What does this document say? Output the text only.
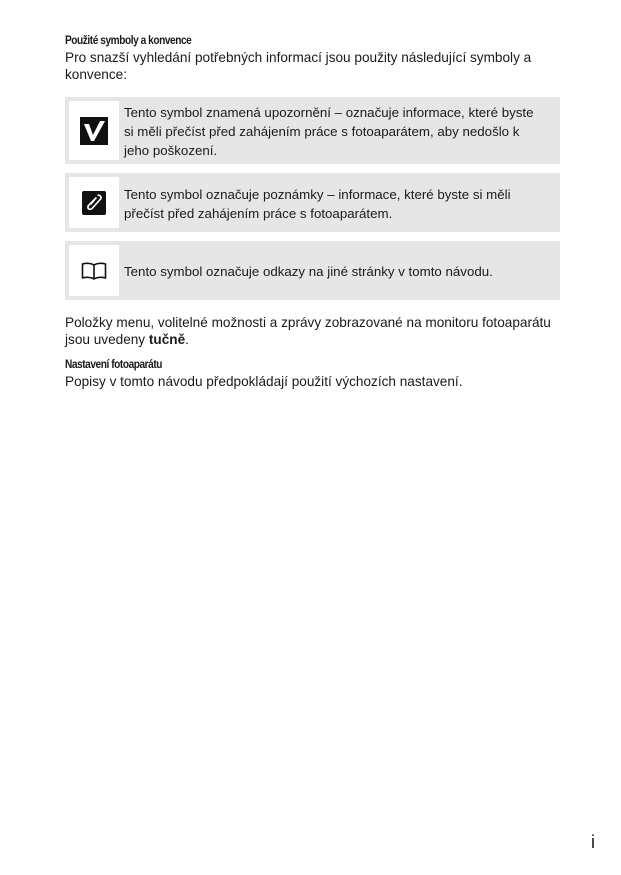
Použité symboly a konvence

Pro snazší vyhledání potřebných informací jsou použity následující symboly a konvence:

Tento symbol znamená upozornění – označuje informace, které byste si měli přečíst před zahájením práce s fotoaparátem, aby nedošlo k jeho poškození.
Tento symbol označuje poznámky – informace, které byste si měli přečíst před zahájením práce s fotoaparátem.
Tento symbol označuje odkazy na jiné stránky v tomto návodu.

Položky menu, volitelné možnosti a zprávy zobrazované na monitoru fotoaparátu jsou uvedeny tučně.

Nastavení fotoaparátu

Popisy v tomto návodu předpokládají použití výchozích nastavení.

i
